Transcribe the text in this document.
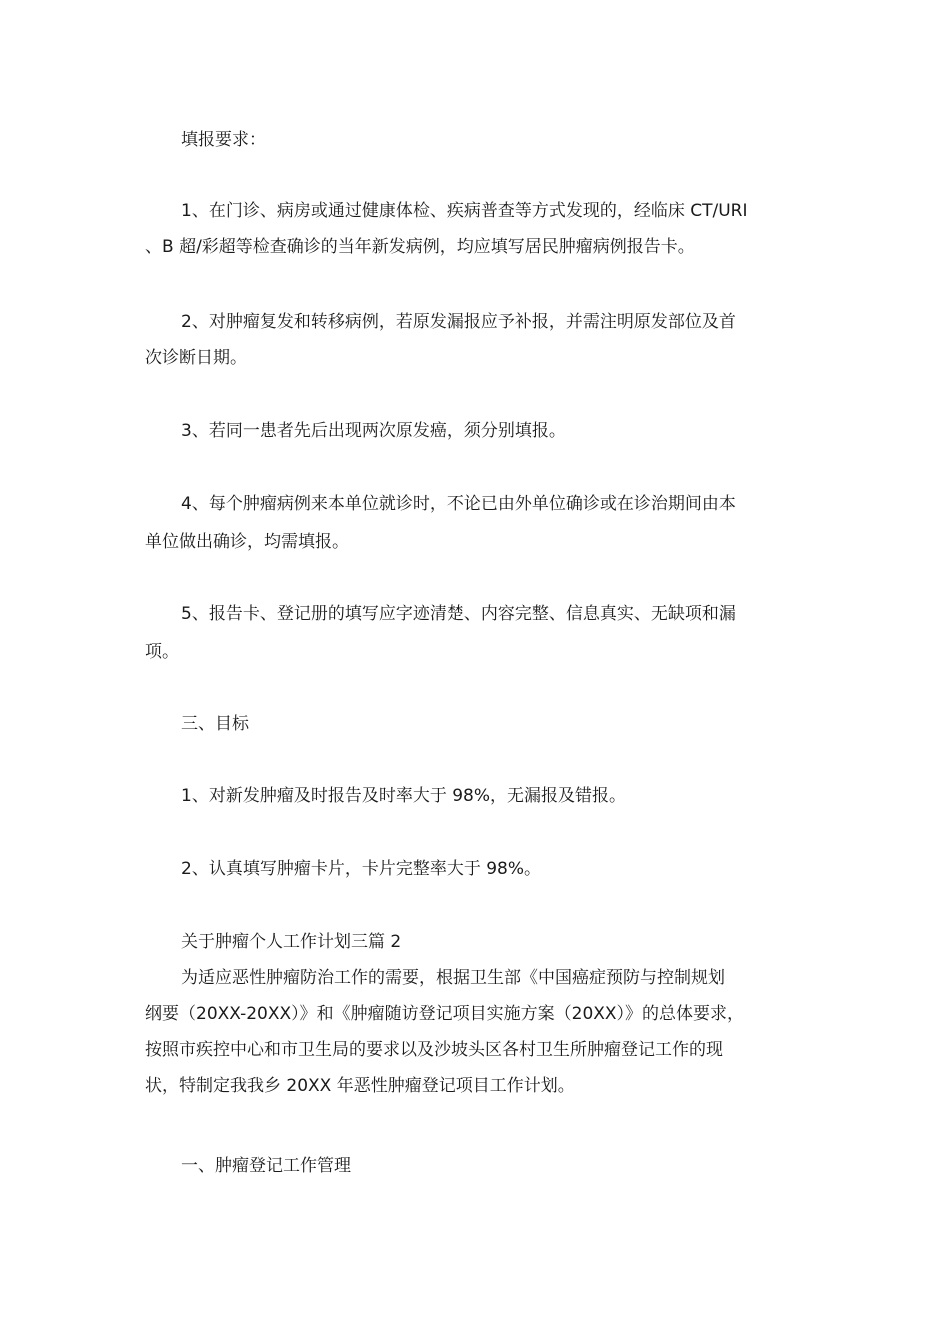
填报要求：

1、在门诊、病房或通过健康体检、疾病普查等方式发现的，经临床 CT/URI

、B 超/彩超等检查确诊的当年新发病例，均应填写居民肿瘤病例报告卡。

2、对肿瘤复发和转移病例，若原发漏报应予补报，并需注明原发部位及首

次诊断日期。

3、若同一患者先后出现两次原发癌，须分别填报。

4、每个肿瘤病例来本单位就诊时，不论已由外单位确诊或在诊治期间由本

单位做出确诊，均需填报。

5、报告卡、登记册的填写应字迹清楚、内容完整、信息真实、无缺项和漏

项。

三、目标

1、对新发肿瘤及时报告及时率大于 98%，无漏报及错报。

2、认真填写肿瘤卡片，卡片完整率大于 98%。

关于肿瘤个人工作计划三篇 2

为适应恶性肿瘤防治工作的需要，根据卫生部《中国癌症预防与控制规划

纲要（20XX-20XX）》和《肿瘤随访登记项目实施方案（20XX）》的总体要求，

按照市疾控中心和市卫生局的要求以及沙坡头区各村卫生所肿瘤登记工作的现

状，特制定我我乡 20XX 年恶性肿瘤登记项目工作计划。

一、肿瘤登记工作管理
